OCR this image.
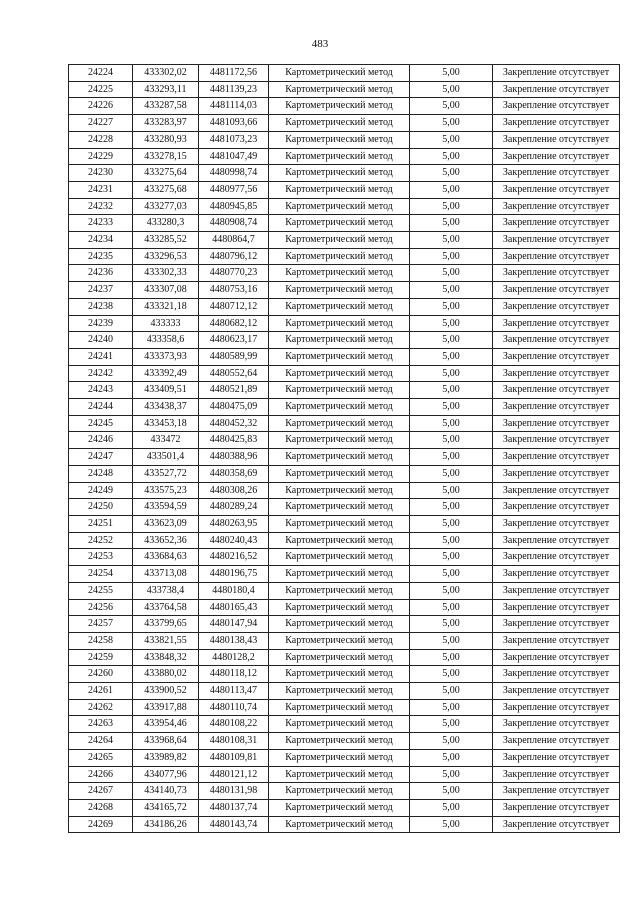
483
24224	433302,02	4481172,56	Картометрический метод	5,00	Закрепление отсутствует
24225	433293,11	4481139,23	Картометрический метод	5,00	Закрепление отсутствует
24226	433287,58	4481114,03	Картометрический метод	5,00	Закрепление отсутствует
24227	433283,97	4481093,66	Картометрический метод	5,00	Закрепление отсутствует
24228	433280,93	4481073,23	Картометрический метод	5,00	Закрепление отсутствует
24229	433278,15	4481047,49	Картометрический метод	5,00	Закрепление отсутствует
24230	433275,64	4480998,74	Картометрический метод	5,00	Закрепление отсутствует
24231	433275,68	4480977,56	Картометрический метод	5,00	Закрепление отсутствует
24232	433277,03	4480945,85	Картометрический метод	5,00	Закрепление отсутствует
24233	433280,3	4480908,74	Картометрический метод	5,00	Закрепление отсутствует
24234	433285,52	4480864,7	Картометрический метод	5,00	Закрепление отсутствует
24235	433296,53	4480796,12	Картометрический метод	5,00	Закрепление отсутствует
24236	433302,33	4480770,23	Картометрический метод	5,00	Закрепление отсутствует
24237	433307,08	4480753,16	Картометрический метод	5,00	Закрепление отсутствует
24238	433321,18	4480712,12	Картометрический метод	5,00	Закрепление отсутствует
24239	433333	4480682,12	Картометрический метод	5,00	Закрепление отсутствует
24240	433358,6	4480623,17	Картометрический метод	5,00	Закрепление отсутствует
24241	433373,93	4480589,99	Картометрический метод	5,00	Закрепление отсутствует
24242	433392,49	4480552,64	Картометрический метод	5,00	Закрепление отсутствует
24243	433409,51	4480521,89	Картометрический метод	5,00	Закрепление отсутствует
24244	433438,37	4480475,09	Картометрический метод	5,00	Закрепление отсутствует
24245	433453,18	4480452,32	Картометрический метод	5,00	Закрепление отсутствует
24246	433472	4480425,83	Картометрический метод	5,00	Закрепление отсутствует
24247	433501,4	4480388,96	Картометрический метод	5,00	Закрепление отсутствует
24248	433527,72	4480358,69	Картометрический метод	5,00	Закрепление отсутствует
24249	433575,23	4480308,26	Картометрический метод	5,00	Закрепление отсутствует
24250	433594,59	4480289,24	Картометрический метод	5,00	Закрепление отсутствует
24251	433623,09	4480263,95	Картометрический метод	5,00	Закрепление отсутствует
24252	433652,36	4480240,43	Картометрический метод	5,00	Закрепление отсутствует
24253	433684,63	4480216,52	Картометрический метод	5,00	Закрепление отсутствует
24254	433713,08	4480196,75	Картометрический метод	5,00	Закрепление отсутствует
24255	433738,4	4480180,4	Картометрический метод	5,00	Закрепление отсутствует
24256	433764,58	4480165,43	Картометрический метод	5,00	Закрепление отсутствует
24257	433799,65	4480147,94	Картометрический метод	5,00	Закрепление отсутствует
24258	433821,55	4480138,43	Картометрический метод	5,00	Закрепление отсутствует
24259	433848,32	4480128,2	Картометрический метод	5,00	Закрепление отсутствует
24260	433880,02	4480118,12	Картометрический метод	5,00	Закрепление отсутствует
24261	433900,52	4480113,47	Картометрический метод	5,00	Закрепление отсутствует
24262	433917,88	4480110,74	Картометрический метод	5,00	Закрепление отсутствует
24263	433954,46	4480108,22	Картометрический метод	5,00	Закрепление отсутствует
24264	433968,64	4480108,31	Картометрический метод	5,00	Закрепление отсутствует
24265	433989,82	4480109,81	Картометрический метод	5,00	Закрепление отсутствует
24266	434077,96	4480121,12	Картометрический метод	5,00	Закрепление отсутствует
24267	434140,73	4480131,98	Картометрический метод	5,00	Закрепление отсутствует
24268	434165,72	4480137,74	Картометрический метод	5,00	Закрепление отсутствует
24269	434186,26	4480143,74	Картометрический метод	5,00	Закрепление отсутствует
